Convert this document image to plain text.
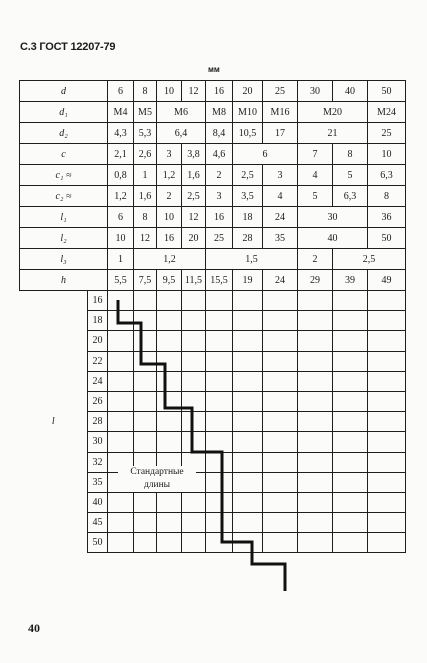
С.3 ГОСТ 12207-79
мм
d		6	8	10	12	16	20	25	30	40	50
d₁		M4	M5	M6		M8	M10	M16	M20		M24
d₂		4,3	5,3	6,4		8,4	10,5	17	21		25
c		2,1	2,6	3	3,8	4,6	6		7	8	10
c₁ ≈		0,8	1	1,2	1,6	2	2,5	3	4	5	6,3
c₂ ≈		1,2	1,6	2	2,5	3	3,5	4	5	6,3	8
l₁		6	8	10	12	16	18	24	30		36
l₂		10	12	16	20	25	28	35	40		50
l₃		1	1,2			1,5			2	2,5	
h		5,5	7,5	9,5	11,5	15,5	19	24	29	39	49
l	16										
	18										
	20										
	22										
	24										
	26										
	28										
	30										
	32										
	35										
	40										
	45										
	50										
Стандартные длины
40
